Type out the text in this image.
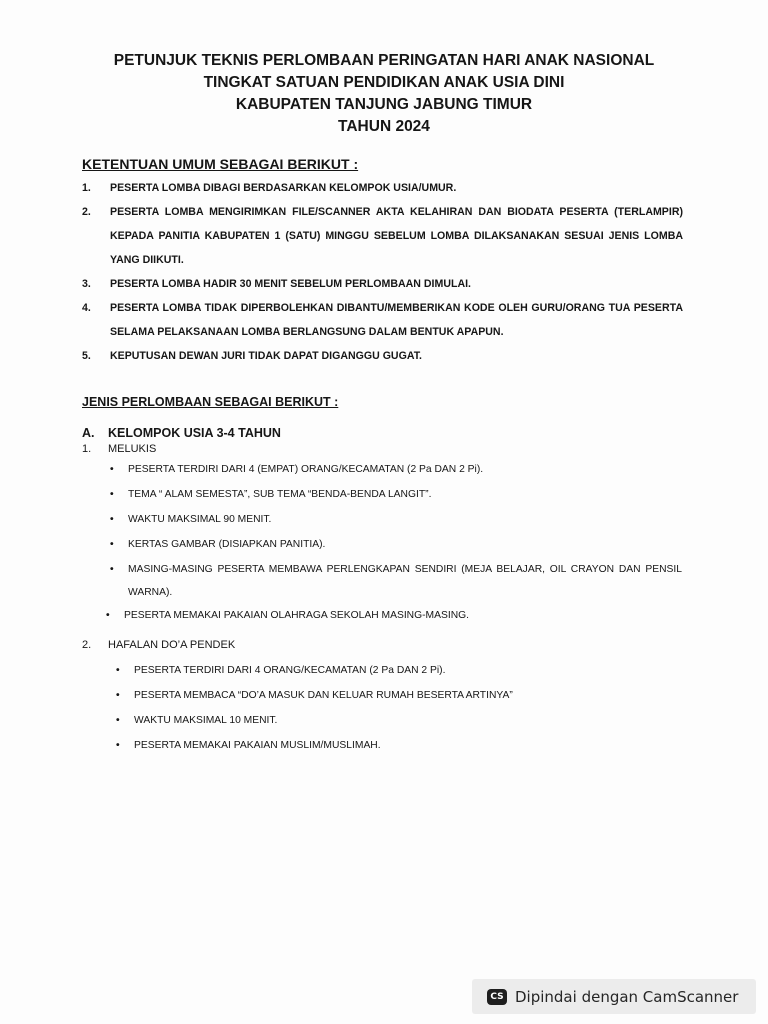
PETUNJUK TEKNIS PERLOMBAAN PERINGATAN HARI ANAK NASIONAL
TINGKAT SATUAN PENDIDIKAN ANAK USIA DINI
KABUPATEN TANJUNG JABUNG TIMUR
TAHUN 2024
KETENTUAN UMUM SEBAGAI BERIKUT :
1.	PESERTA LOMBA DIBAGI BERDASARKAN KELOMPOK USIA/UMUR.
2.	PESERTA LOMBA MENGIRIMKAN FILE/SCANNER AKTA KELAHIRAN DAN BIODATA PESERTA (TERLAMPIR) KEPADA PANITIA KABUPATEN 1 (SATU) MINGGU SEBELUM LOMBA DILAKSANAKAN SESUAI JENIS LOMBA YANG DIIKUTI.
3.	PESERTA LOMBA HADIR 30 MENIT SEBELUM PERLOMBAAN DIMULAI.
4.	PESERTA LOMBA TIDAK DIPERBOLEHKAN DIBANTU/MEMBERIKAN KODE OLEH GURU/ORANG TUA PESERTA SELAMA PELAKSANAAN LOMBA BERLANGSUNG DALAM BENTUK APAPUN.
5.	KEPUTUSAN DEWAN JURI TIDAK DAPAT DIGANGGU GUGAT.
JENIS PERLOMBAAN SEBAGAI BERIKUT :
A. KELOMPOK USIA 3-4 TAHUN
1. MELUKIS
•	PESERTA TERDIRI DARI 4 (EMPAT) ORANG/KECAMATAN (2 Pa DAN 2 Pi).
•	TEMA “ ALAM SEMESTA”, SUB TEMA “BENDA-BENDA LANGIT”.
•	WAKTU MAKSIMAL 90 MENIT.
•	KERTAS GAMBAR (DISIAPKAN PANITIA).
•	MASING-MASING PESERTA MEMBAWA PERLENGKAPAN SENDIRI (MEJA BELAJAR, OIL CRAYON DAN PENSIL WARNA).
•	PESERTA MEMAKAI PAKAIAN OLAHRAGA SEKOLAH MASING-MASING.
2. HAFALAN DO’A PENDEK
•	PESERTA TERDIRI DARI 4 ORANG/KECAMATAN (2 Pa DAN 2 Pi).
•	PESERTA MEMBACA “DO’A MASUK DAN KELUAR RUMAH BESERTA ARTINYA”
•	WAKTU MAKSIMAL 10 MENIT.
•	PESERTA MEMAKAI PAKAIAN MUSLIM/MUSLIMAH.
CS Dipindai dengan CamScanner
